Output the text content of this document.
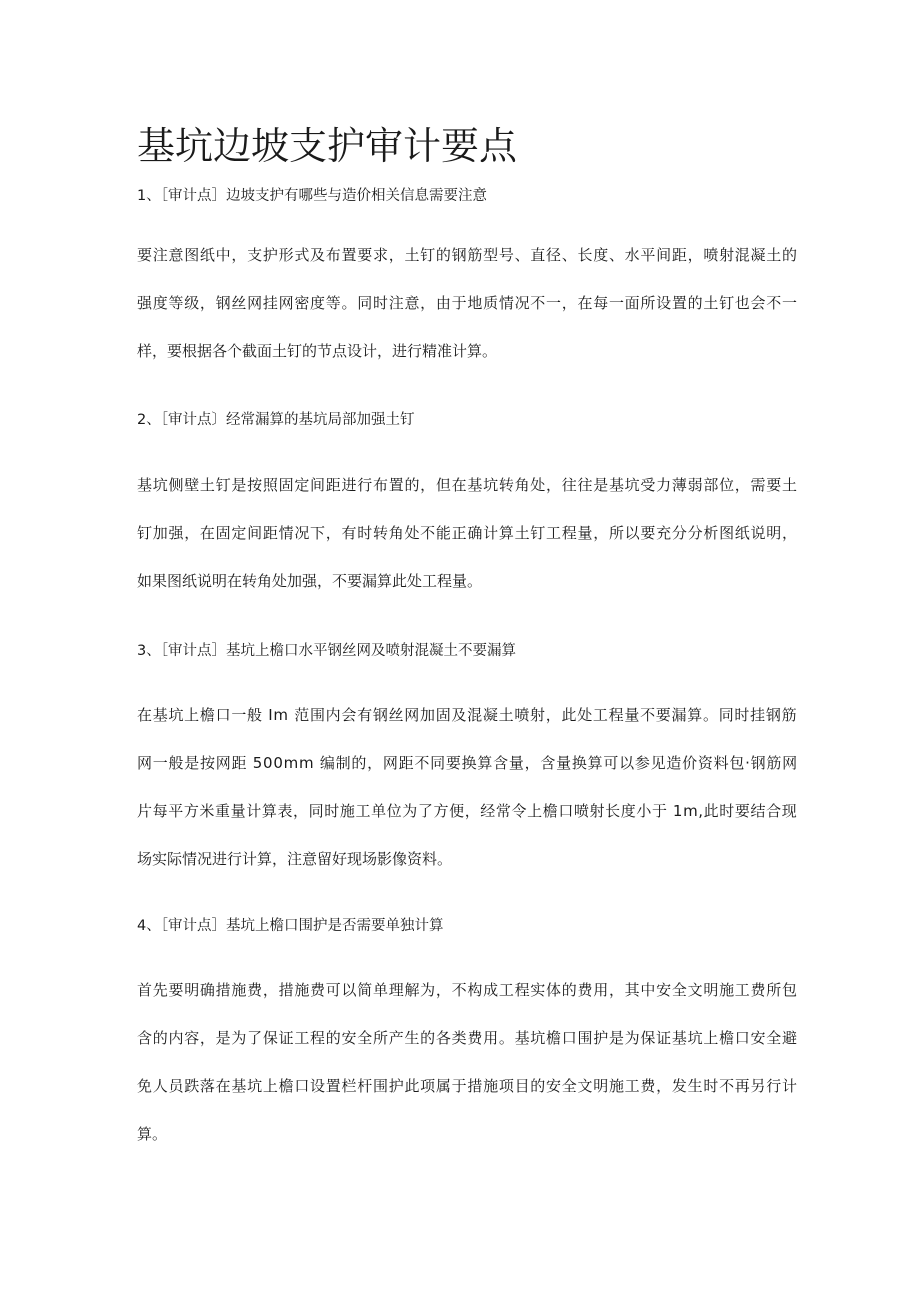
基坑边坡支护审计要点
1、［审计点］边坡支护有哪些与造价相关信息需要注意
要注意图纸中，支护形式及布置要求，土钉的钢筋型号、直径、长度、水平间距，喷射混凝土的
强度等级，钢丝网挂网密度等。同时注意，由于地质情况不一，在每一面所设置的土钉也会不一
样，要根据各个截面土钉的节点设计，进行精准计算。
2、［审计点〕经常漏算的基坑局部加强土钉
基坑侧壁土钉是按照固定间距进行布置的，但在基坑转角处，往往是基坑受力薄弱部位，需要土
钉加强，在固定间距情况下，有时转角处不能正确计算土钉工程量，所以要充分分析图纸说明，
如果图纸说明在转角处加强，不要漏算此处工程量。
3、［审计点］基坑上檐口水平钢丝网及喷射混凝土不要漏算
在基坑上檐口一般 Im 范围内会有钢丝网加固及混凝土喷射，此处工程量不要漏算。同时挂钢筋
网一般是按网距 500mm 编制的，网距不同要换算含量，含量换算可以参见造价资料包·钢筋网
片每平方米重量计算表，同时施工单位为了方便，经常令上檐口喷射长度小于 1m,此时要结合现
场实际情况进行计算，注意留好现场影像资料。
4、［审计点］基坑上檐口围护是否需要单独计算
首先要明确措施费，措施费可以简单理解为，不构成工程实体的费用，其中安全文明施工费所包
含的内容，是为了保证工程的安全所产生的各类费用。基坑檐口围护是为保证基坑上檐口安全避
免人员跌落在基坑上檐口设置栏杆围护此项属于措施项目的安全文明施工费，发生时不再另行计
算。
